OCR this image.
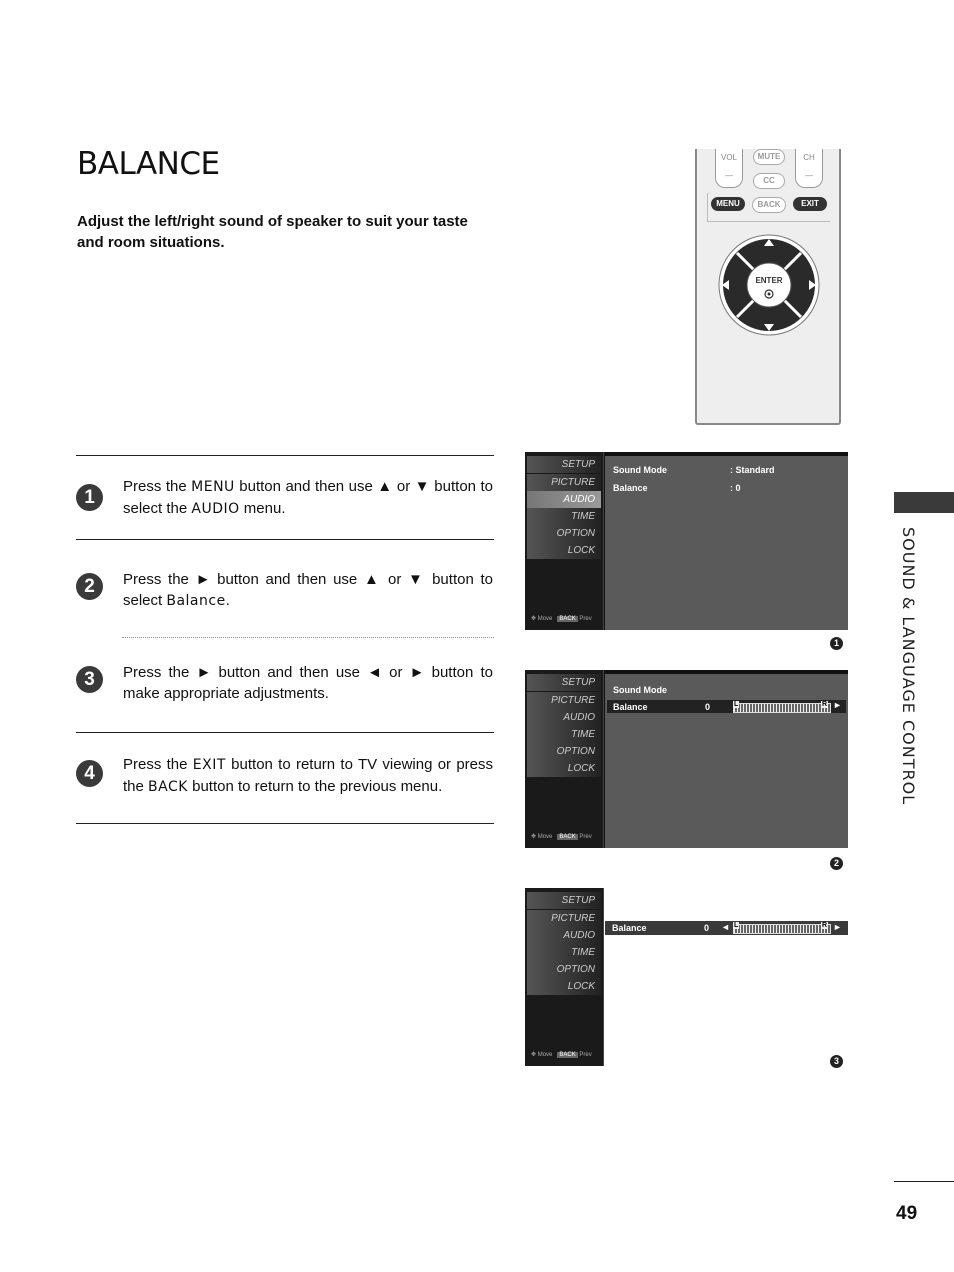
BALANCE
Adjust the left/right sound of speaker to suit your taste and room situations.
1
Press the MENU button and then use ▲ or ▼ button to select the AUDIO menu.
2	Press the ► button and then use ▲ or ▼ button to select Balance.
3	Press the ► button and then use ◄ or ► button to make appropriate adjustments.
4	Press the EXIT button to return to TV viewing or press the BACK button to return to the previous menu.
VOL
—
MUTE
CC
CH
—
MENU	BACK	EXIT
ENTER
SOUND & LANGUAGE CONTROL
49
SETUP
PICTURE
AUDIO
TIME
OPTION
LOCK
✥ Move BACK Prev
Sound Mode	: Standard
Balance	: 0
1
SETUP
PICTURE
AUDIO
TIME
OPTION
LOCK
✥ Move BACK Prev
Sound Mode
Balance	0	L	R ►
2
SETUP
PICTURE
AUDIO
TIME
OPTION
LOCK
✥ Move BACK Prev
Balance	0 ◄ L	R ►
3
